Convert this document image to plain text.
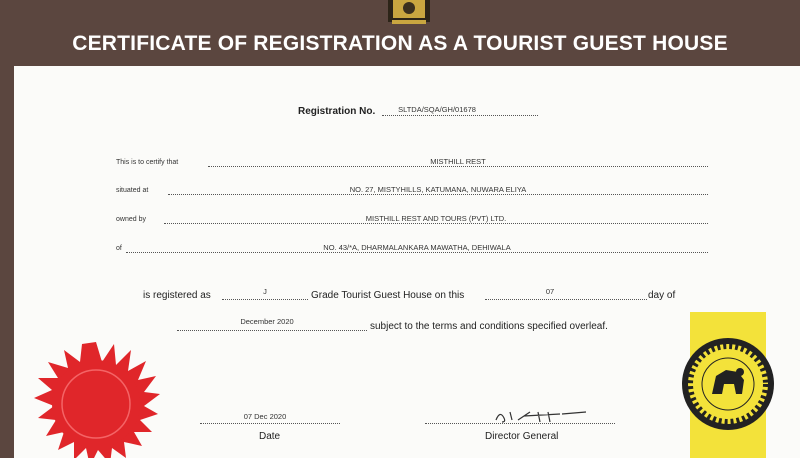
CERTIFICATE OF REGISTRATION AS A TOURIST GUEST HOUSE
Registration No.	SLTDA/SQA/GH/01678
This is to certify that	MISTHILL REST
situated at	NO. 27, MISTYHILLS, KATUMANA, NUWARA ELIYA
owned by	MISTHILL REST AND TOURS (PVT) LTD.
of	NO. 43/*A, DHARMALANKARA MAWATHA, DEHIWALA
is registered as	J	Grade Tourist Guest House on this	07	day of
December 2020	subject to the terms and conditions specified overleaf.
07 Dec 2020
Date	Director General
